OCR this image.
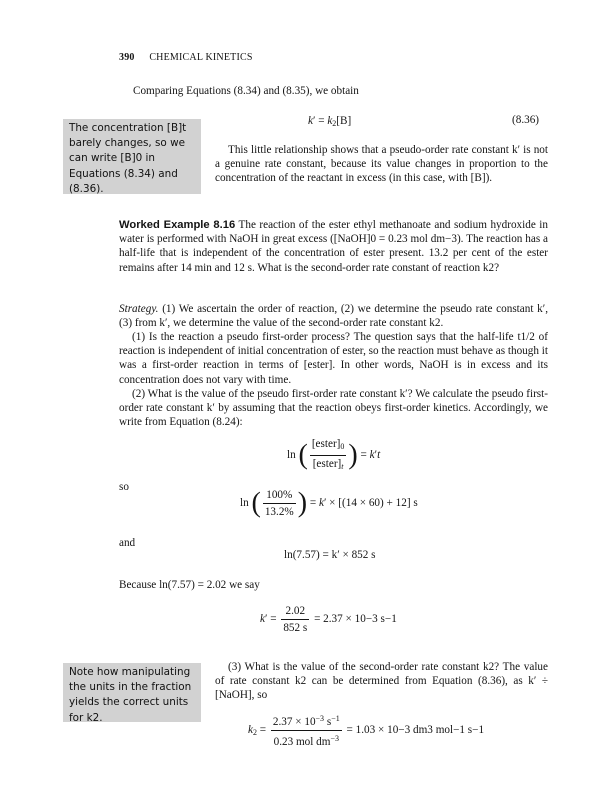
390 CHEMICAL KINETICS
Comparing Equations (8.34) and (8.35), we obtain
$k' = k_2[B]$	(8.36)
The concentration [B]t barely changes, so we can write [B]0 in Equations (8.34) and (8.36).
This little relationship shows that a pseudo-order rate constant k′ is not a genuine rate constant, because its value changes in proportion to the concentration of the reactant in excess (in this case, with [B]).
Worked Example 8.16 The reaction of the ester ethyl methanoate and sodium hydroxide in water is performed with NaOH in great excess ([NaOH]0 = 0.23 mol dm−3). The reaction has a half-life that is independent of the concentration of ester present. 13.2 per cent of the ester remains after 14 min and 12 s. What is the second-order rate constant of reaction k2?
Strategy. (1) We ascertain the order of reaction, (2) we determine the pseudo rate constant k′, (3) from k′, we determine the value of the second-order rate constant k2.
(1) Is the reaction a pseudo first-order process? The question says that the half-life t1/2 of reaction is independent of initial concentration of ester, so the reaction must behave as though it was a first-order reaction in terms of [ester]. In other words, NaOH is in excess and its concentration does not vary with time.
(2) What is the value of the pseudo first-order rate constant k′? We calculate the pseudo first-order rate constant k′ by assuming that the reaction obeys first-order kinetics. Accordingly, we write from Equation (8.24):
ln ( $\frac{[ester]_0}{[ester]_t}$ ) = k′t
so
ln ( $\frac{100\%}{13.2\%}$ ) = k′ × [(14 × 60) + 12] s
and
ln(7.57) = k′ × 852 s
Because ln(7.57) = 2.02 we say
$k' = \frac{2.02}{852 s} = 2.37 \times 10-3$ s−1
(3) What is the value of the second-order rate constant k2? The value of rate constant k2 can be determined from Equation (8.36), as k′ ÷ [NaOH], so
Note how manipulating the units in the fraction yields the correct units for k2.
$k_2 = \frac{2.37 \times 10^{-3} s^{-1}}{0.23 mol dm^{-3}} = 1.03 \times 10-3$ dm3 mol−1 s−1
